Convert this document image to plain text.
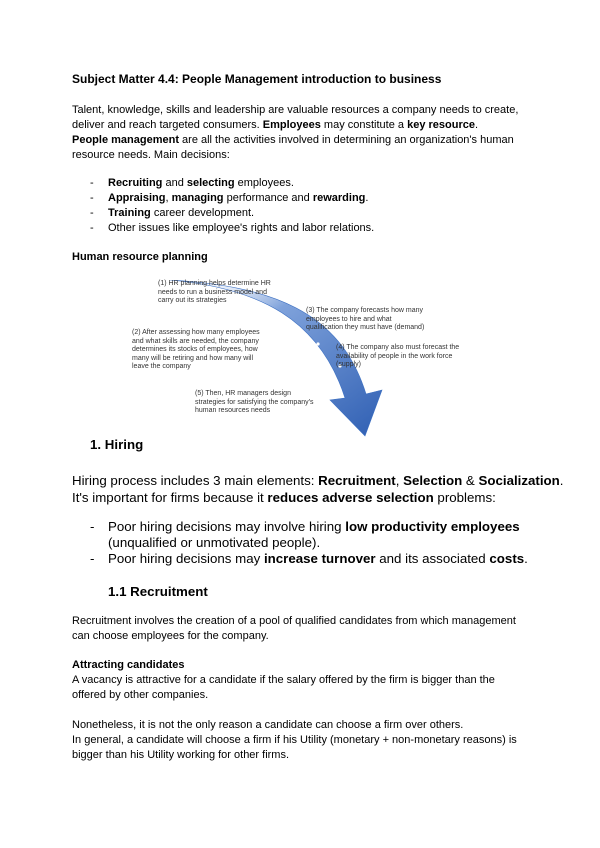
Subject Matter 4.4: People Management introduction to business
Talent, knowledge, skills and leadership are valuable resources a company needs to create,
deliver and reach targeted consumers. Employees may constitute a key resource.
People management are all the activities involved in determining an organization's human
resource needs. Main decisions:
- Recruiting and selecting employees.
- Appraising, managing performance and rewarding.
- Training career development.
- Other issues like employee's rights and labor relations.
Human resource planning
(1) HR planning helps determine HR
needs to run a business model and
carry out its strategies
(2) After assessing how many employees
and what skills are needed, the company
determines its stocks of employees, how
many will be retiring and how many will
leave the company
(3) The company forecasts how many
employees to hire and what
qualification they must have (demand)
(4) The company also must forecast the
availability of people in the work force
(supply)
(5) Then, HR managers design
strategies for satisfying the company's
human resources needs
1. Hiring
Hiring process includes 3 main elements: Recruitment, Selection & Socialization.
It's important for firms because it reduces adverse selection problems:
- Poor hiring decisions may involve hiring low productivity employees
(unqualified or unmotivated people).
- Poor hiring decisions may increase turnover and its associated costs.
1.1 Recruitment
Recruitment involves the creation of a pool of qualified candidates from which management
can choose employees for the company.
Attracting candidates
A vacancy is attractive for a candidate if the salary offered by the firm is bigger than the
offered by other companies.
Nonetheless, it is not the only reason a candidate can choose a firm over others.
In general, a candidate will choose a firm if his Utility (monetary + non-monetary reasons) is
bigger than his Utility working for other firms.
